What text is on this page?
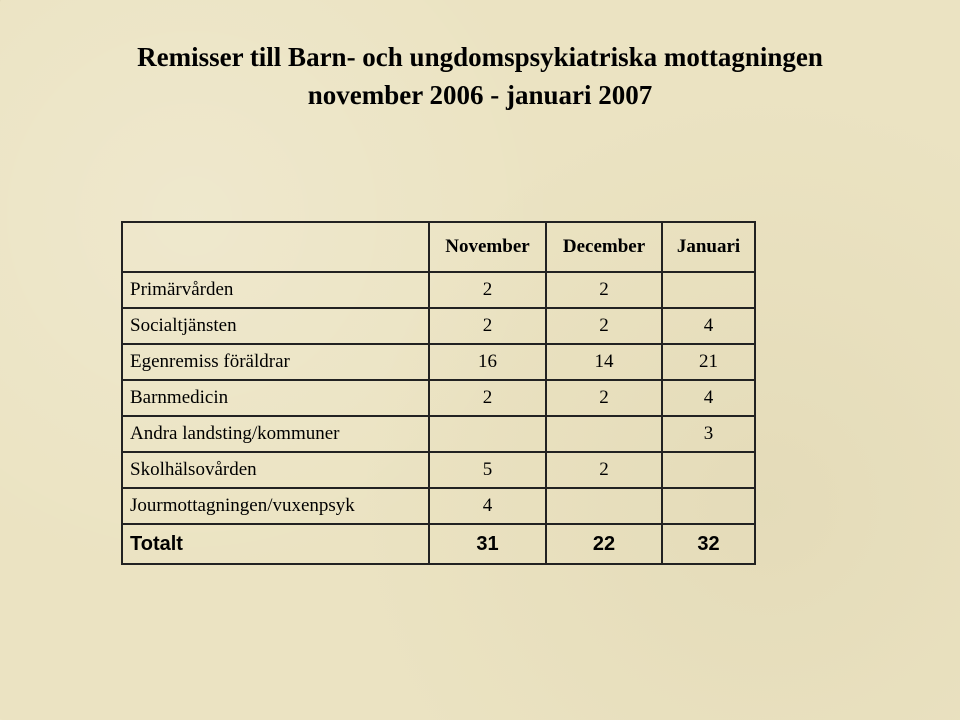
Remisser till Barn- och ungdomspsykiatriska mottagningen
november 2006 - januari 2007
	November	December	Januari
Primärvården	2	2	
Socialtjänsten	2	2	4
Egenremiss föräldrar	16	14	21
Barnmedicin	2	2	4
Andra landsting/kommuner			3
Skolhälsovården	5	2	
Jourmottagningen/vuxenpsyk	4		
Totalt	31	22	32
